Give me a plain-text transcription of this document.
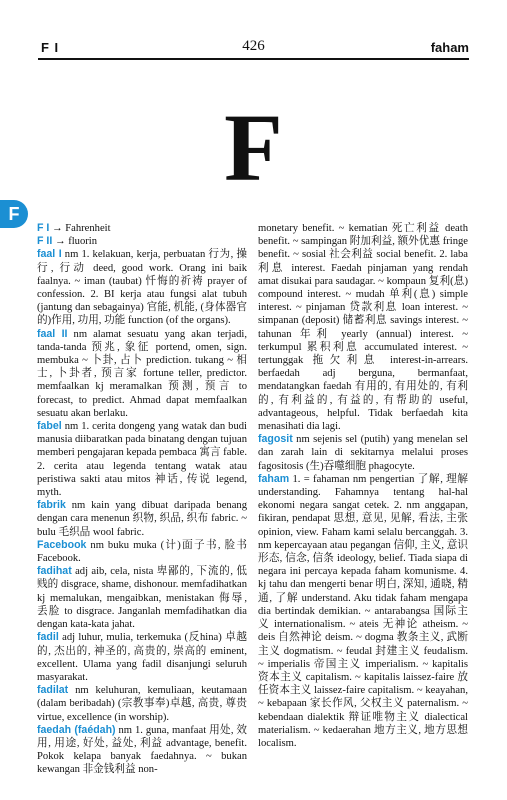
F I	426	faham
F
F

F I → Fahrenheit

F II → fluorin

faal I nm 1. kelakuan, kerja, perbuatan 行为, 操行, 行动 deed, good work. Orang ini baik faalnya. ~ iman (taubat) 忏悔的祈祷 prayer of confession. 2. BI kerja atau fungsi alat tubuh (jantung dan sebagainya) 官能, 机能, (身体器官的)作用, 功用, 功能 function (of the organs).

faal II nm alamat sesuatu yang akan terjadi, tanda-tanda 预兆, 象征 portend, omen, sign. membuka ~ 卜卦, 占卜 prediction. tukang ~ 相士, 卜卦者, 预言家 fortune teller, predictor. memfaalkan kj meramalkan 预测, 预言 to forecast, to predict. Ahmad dapat memfaalkan sesuatu akan berlaku.

fabel nm 1. cerita dongeng yang watak dan budi manusia diibaratkan pada binatang dengan tujuan memberi pengajaran kepada pembaca 寓言 fable. 2. cerita atau legenda tentang watak atau peristiwa sakti atau mitos 神话, 传说 legend, myth.

fabrik nm kain yang dibuat daripada benang dengan cara menenun 织物, 织品, 织布 fabric. ~ bulu 毛织品 wool fabric.

Facebook nm buku muka (计)面子书, 脸书 Facebook.

fadihat adj aib, cela, nista 卑鄙的, 下流的, 低贱的 disgrace, shame, dishonour. memfadihatkan kj memalukan, mengaibkan, menistakan 侮辱, 丢脸 to disgrace. Janganlah memfadihatkan dia dengan kata-kata jahat.

fadil adj luhur, mulia, terkemuka (反hina) 卓越的, 杰出的, 神圣的, 高贵的, 崇高的 eminent, excellent. Ulama yang fadil disanjungi seluruh masyarakat.

fadilat nm keluhuran, kemuliaan, keutamaan (dalam beribadah) (宗教事奉)卓越, 高贵, 尊贵 virtue, excellence (in worship).

faedah (faédah) nm 1. guna, manfaat 用处, 效用, 用途, 好处, 益处, 利益 advantage, benefit. Pokok kelapa banyak faedahnya. ~ bukan kewangan 非金钱利益 non-

monetary benefit. ~ kematian 死亡利益 death benefit. ~ sampingan 附加利益, 额外优惠 fringe benefit. ~ sosial 社会利益 social benefit. 2. laba 利息 interest. Faedah pinjaman yang rendah amat disukai para saudagar. ~ kompaun 复利(息) compound interest. ~ mudah 单利(息) simple interest. ~ pinjaman 贷款利息 loan interest. ~ simpanan (deposit) 储蓄利息 savings interest. ~ tahunan 年利 yearly (annual) interest. ~ terkumpul 累积利息 accumulated interest. ~ tertunggak 拖欠利息 interest-in-arrears. berfaedah adj berguna, bermanfaat, mendatangkan faedah 有用的, 有用处的, 有利的, 有利益的, 有益的, 有帮助的 useful, advantageous, helpful. Tidak berfaedah kita menasihati dia lagi.

fagosit nm sejenis sel (putih) yang menelan sel dan zarah lain di sekitarnya melalui proses fagositosis (生)吞噬细胞 phagocyte.

faham 1. = fahaman nm pengertian 了解, 理解 understanding. Fahamnya tentang hal-hal ekonomi negara sangat cetek. 2. nm anggapan, fikiran, pendapat 思想, 意见, 见解, 看法, 主张 opinion, view. Faham kami selalu bercanggah. 3. nm kepercayaan atau pegangan 信仰, 主义, 意识形态, 信念, 信条 ideology, belief. Tiada siapa di negara ini percaya kepada faham komunisme. 4. kj tahu dan mengerti benar 明白, 深知, 通晓, 精通, 了解 understand. Aku tidak faham mengapa dia bertindak demikian. ~ antarabangsa 国际主义 internationalism. ~ ateis 无神论 atheism. ~ deis 自然神论 deism. ~ dogma 教条主义, 武断主义 dogmatism. ~ feudal 封建主义 feudalism. ~ imperialis 帝国主义 imperialism. ~ kapitalis 资本主义 capitalism. ~ kapitalis laissez-faire 放任资本主义 laissez-faire capitalism. ~ keayahan, ~ kebapaan 家长作风, 父权主义 paternalism. ~ kebendaan dialektik 辩证唯物主义 dialectical materialism. ~ kedaerahan 地方主义, 地方思想 localism.
